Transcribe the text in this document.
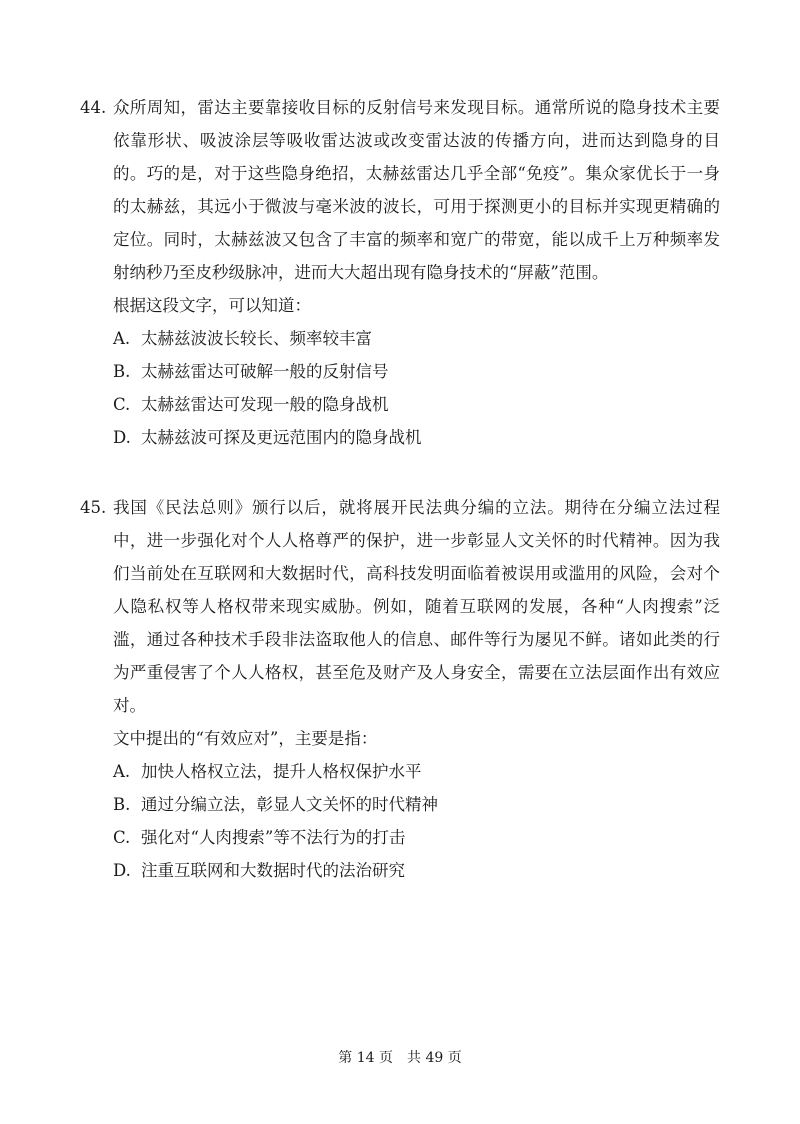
44. 众所周知，雷达主要靠接收目标的反射信号来发现目标。通常所说的隐身技术主要依靠形状、吸波涂层等吸收雷达波或改变雷达波的传播方向，进而达到隐身的目的。巧的是，对于这些隐身绝招，太赫兹雷达几乎全部“免疫”。集众家优长于一身的太赫兹，其远小于微波与毫米波的波长，可用于探测更小的目标并实现更精确的定位。同时，太赫兹波又包含了丰富的频率和宽广的带宽，能以成千上万种频率发射纳秒乃至皮秒级脉冲，进而大大超出现有隐身技术的“屏蔽”范围。

根据这段文字，可以知道：

A. 太赫兹波波长较长、频率较丰富
B. 太赫兹雷达可破解一般的反射信号
C. 太赫兹雷达可发现一般的隐身战机
D. 太赫兹波可探及更远范围内的隐身战机
45. 我国《民法总则》颁行以后，就将展开民法典分编的立法。期待在分编立法过程中，进一步强化对个人人格尊严的保护，进一步彰显人文关怀的时代精神。因为我们当前处在互联网和大数据时代，高科技发明面临着被误用或滥用的风险，会对个人隐私权等人格权带来现实威胁。例如，随着互联网的发展，各种“人肉搜索”泛滥，通过各种技术手段非法盗取他人的信息、邮件等行为屡见不鲜。诸如此类的行为严重侵害了个人人格权，甚至危及财产及人身安全，需要在立法层面作出有效应对。

文中提出的“有效应对”，主要是指：

A. 加快人格权立法，提升人格权保护水平
B. 通过分编立法，彰显人文关怀的时代精神
C. 强化对“人肉搜索”等不法行为的打击
D. 注重互联网和大数据时代的法治研究
第 14 页　共 49 页
